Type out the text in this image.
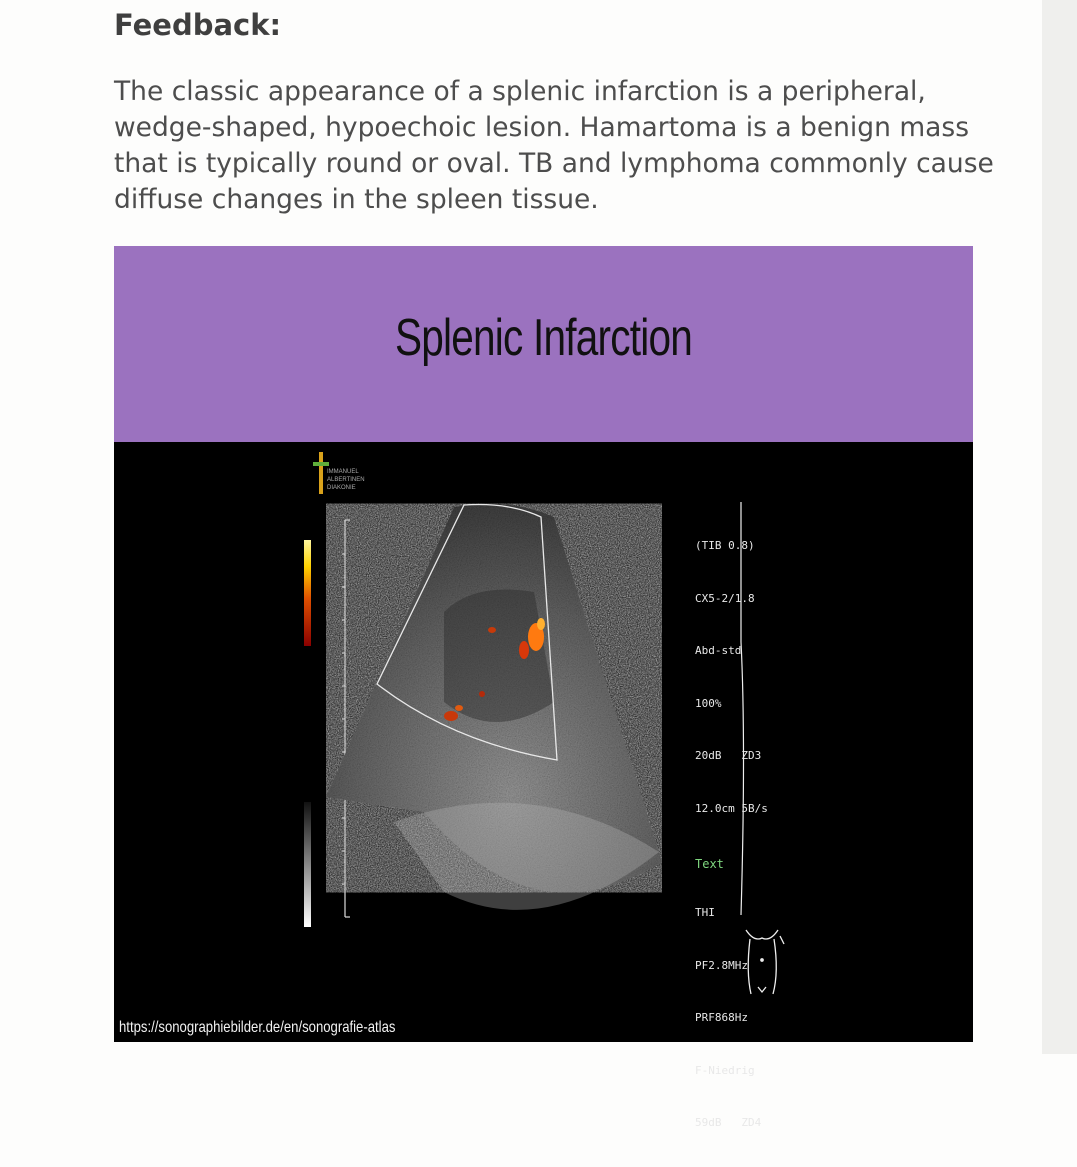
Feedback:

The classic appearance of a splenic infarction is a peripheral, wedge-shaped, hypoechoic lesion. Hamartoma is a benign mass that is typically round or oval. TB and lymphoma commonly cause diffuse changes in the spleen tissue.

Splenic Infarction
IMMANUEL
ALBERTINEN
DIAKONIE

(TIB 0.8)

CX5-2/1.8

Abd-std

100%

20dB   ZD3

12.0cm 5B/s

THI

PF2.8MHz

PRF868Hz

F-Niedrig

59dB   ZD4

Text
https://sonographiebilder.de/en/sonografie-atlas
